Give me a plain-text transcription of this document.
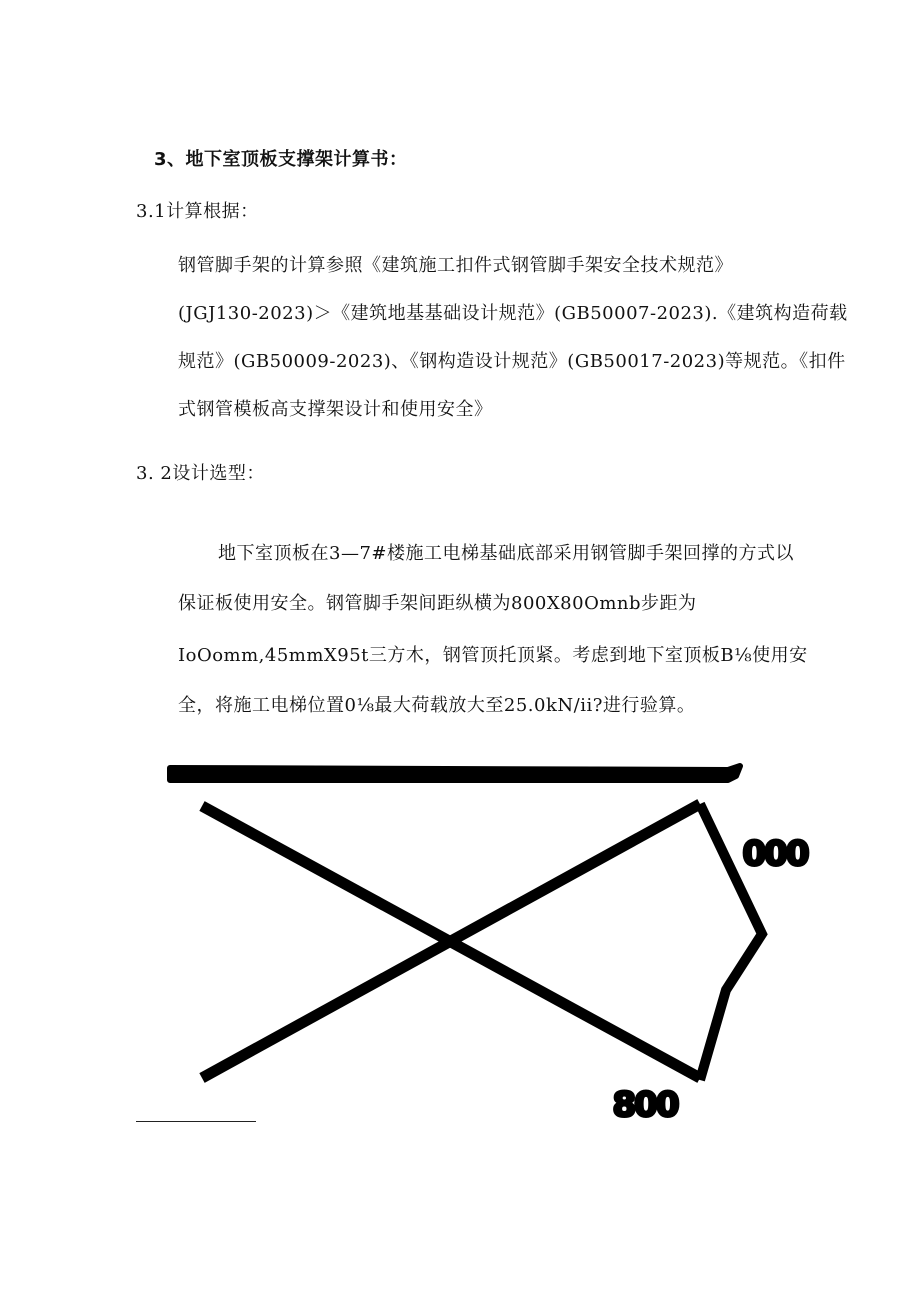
3、地下室顶板支撑架计算书：
3.1计算根据：
钢管脚手架的计算参照《建筑施工扣件式钢管脚手架安全技术规范》
(JGJ130-2023)＞《建筑地基基础设计规范》(GB50007-2023).《建筑构造荷载
规范》(GB50009-2023)、《钢构造设计规范》(GB50017-2023)等规范。《扣件
式钢管模板高支撑架设计和使用安全》
3. 2设计选型：
地下室顶板在3—7#楼施工电梯基础底部采用钢管脚手架回撑的方式以
保证板使用安全。钢管脚手架间距纵横为800X80Omnb步距为
IoOomm,45mmX95t三方木，钢管顶托顶紧。考虑到地下室顶板B⅛使用安
全，将施工电梯位置0⅛最大荷载放大至25.0kN/ii?进行验算。
000
800
